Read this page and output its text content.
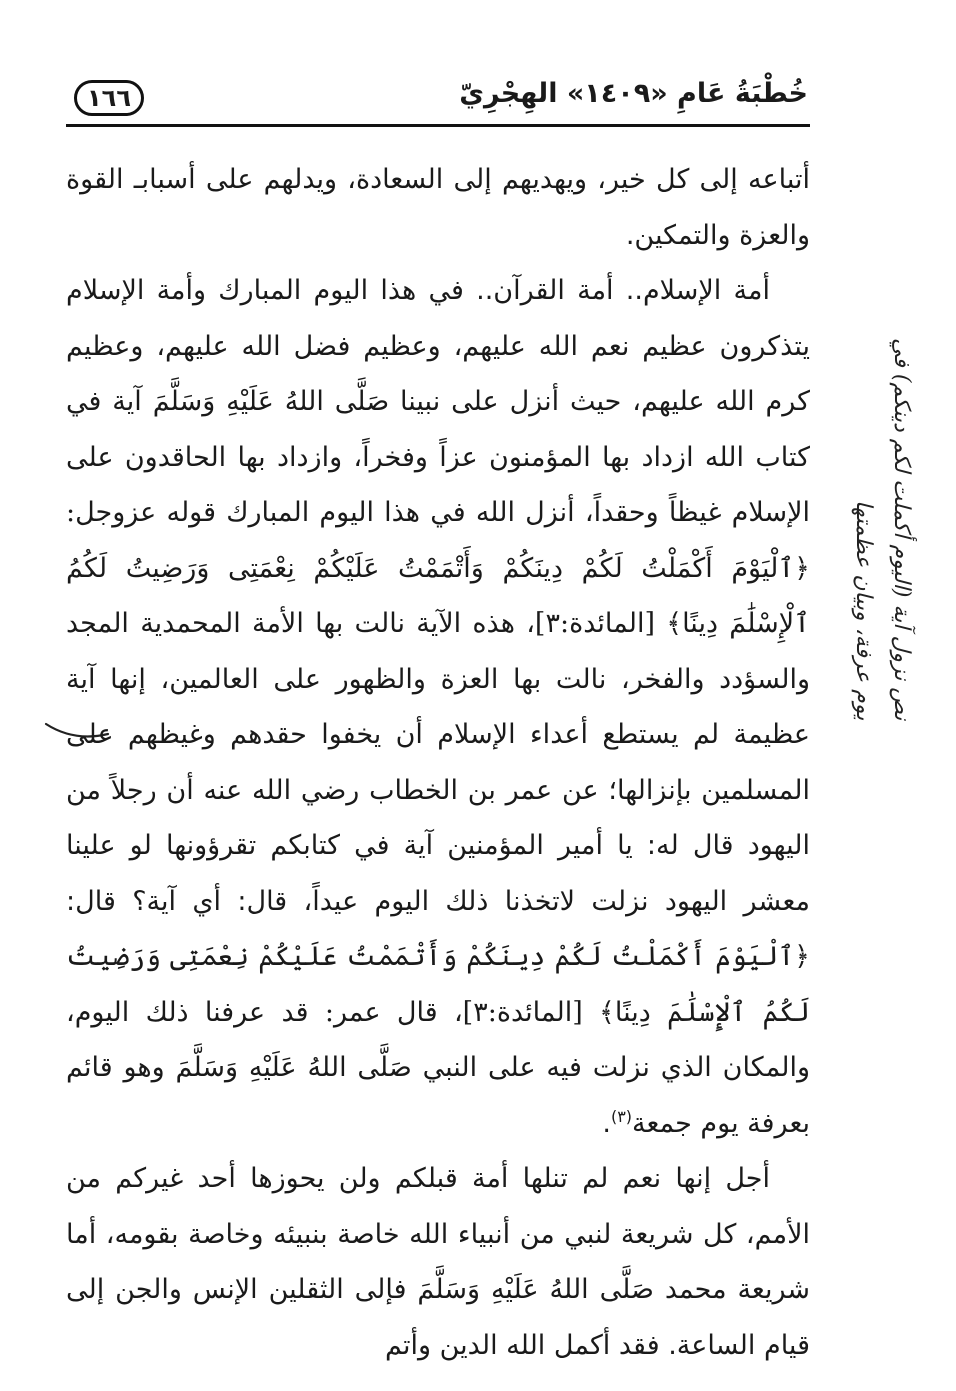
١٦٦	خُطْبَةُ عَامِ «١٤٠٩» الهِجْرِيّ
نص نزول آية (اليوم أكملت لكم دينكم) في يوم عرفة، وبيان عظمتها

أتباعه إلى كل خير، ويهديهم إلى السعادة، ويدلهم على أسبابـ القوة والعزة والتمكين.

أمة الإسلام.. أمة القرآن.. في هذا اليوم المبارك وأمة الإسلام يتذكرون عظيم نعم الله عليهم، وعظيم فضل الله عليهم، وعظيم كرم الله عليهم، حيث أنزل على نبينا صَلَّى اللهُ عَلَيْهِ وَسَلَّمَ آية في كتاب الله ازداد بها المؤمنون عزاً وفخراً، وازداد بها الحاقدون على الإسلام غيظاً وحقداً، أنزل الله في هذا اليوم المبارك قوله عزوجل: ﴿ٱلْيَوْمَ أَكْمَلْتُ لَكُمْ دِينَكُمْ وَأَتْمَمْتُ عَلَيْكُمْ نِعْمَتِى وَرَضِيتُ لَكُمُ ٱلْإِسْلَٰمَ دِينًا﴾ [المائدة:٣]، هذه الآية نالت بها الأمة المحمدية المجد والسؤدد والفخر، نالت بها العزة والظهور على العالمين، إنها آية عظيمة لم يستطع أعداء الإسلام أن يخفوا حقدهم وغيظهم على المسلمين بإنزالها؛ عن عمر بن الخطاب رضي الله عنه أن رجلاً من اليهود قال له: يا أمير المؤمنين آية في كتابكم تقرؤونها لو علينا معشر اليهود نزلت لاتخذنا ذلك اليوم عيداً، قال: أي آية؟ قال: ﴿ٱلْيَوْمَ أَكْمَلْتُ لَكُمْ دِينَكُمْ وَأَتْمَمْتُ عَلَيْكُمْ نِعْمَتِى وَرَضِيتُ لَكُمُ ٱلْإِسْلَٰمَ دِينًا﴾ [المائدة:٣]، قال عمر: قد عرفنا ذلك اليوم، والمكان الذي نزلت فيه على النبي صَلَّى اللهُ عَلَيْهِ وَسَلَّمَ وهو قائم بعرفة يوم جمعة$^{(٣)}$.

أجل إنها نعم لم تنلها أمة قبلكم ولن يحوزها أحد غيركم من الأمم، كل شريعة لنبي من أنبياء الله خاصة بنبيئه وخاصة بقومه، أما شريعة محمد صَلَّى اللهُ عَلَيْهِ وَسَلَّمَ فإلى الثقلين الإنس والجن إلى قيام الساعة. فقد أكمل الله الدين وأتم
